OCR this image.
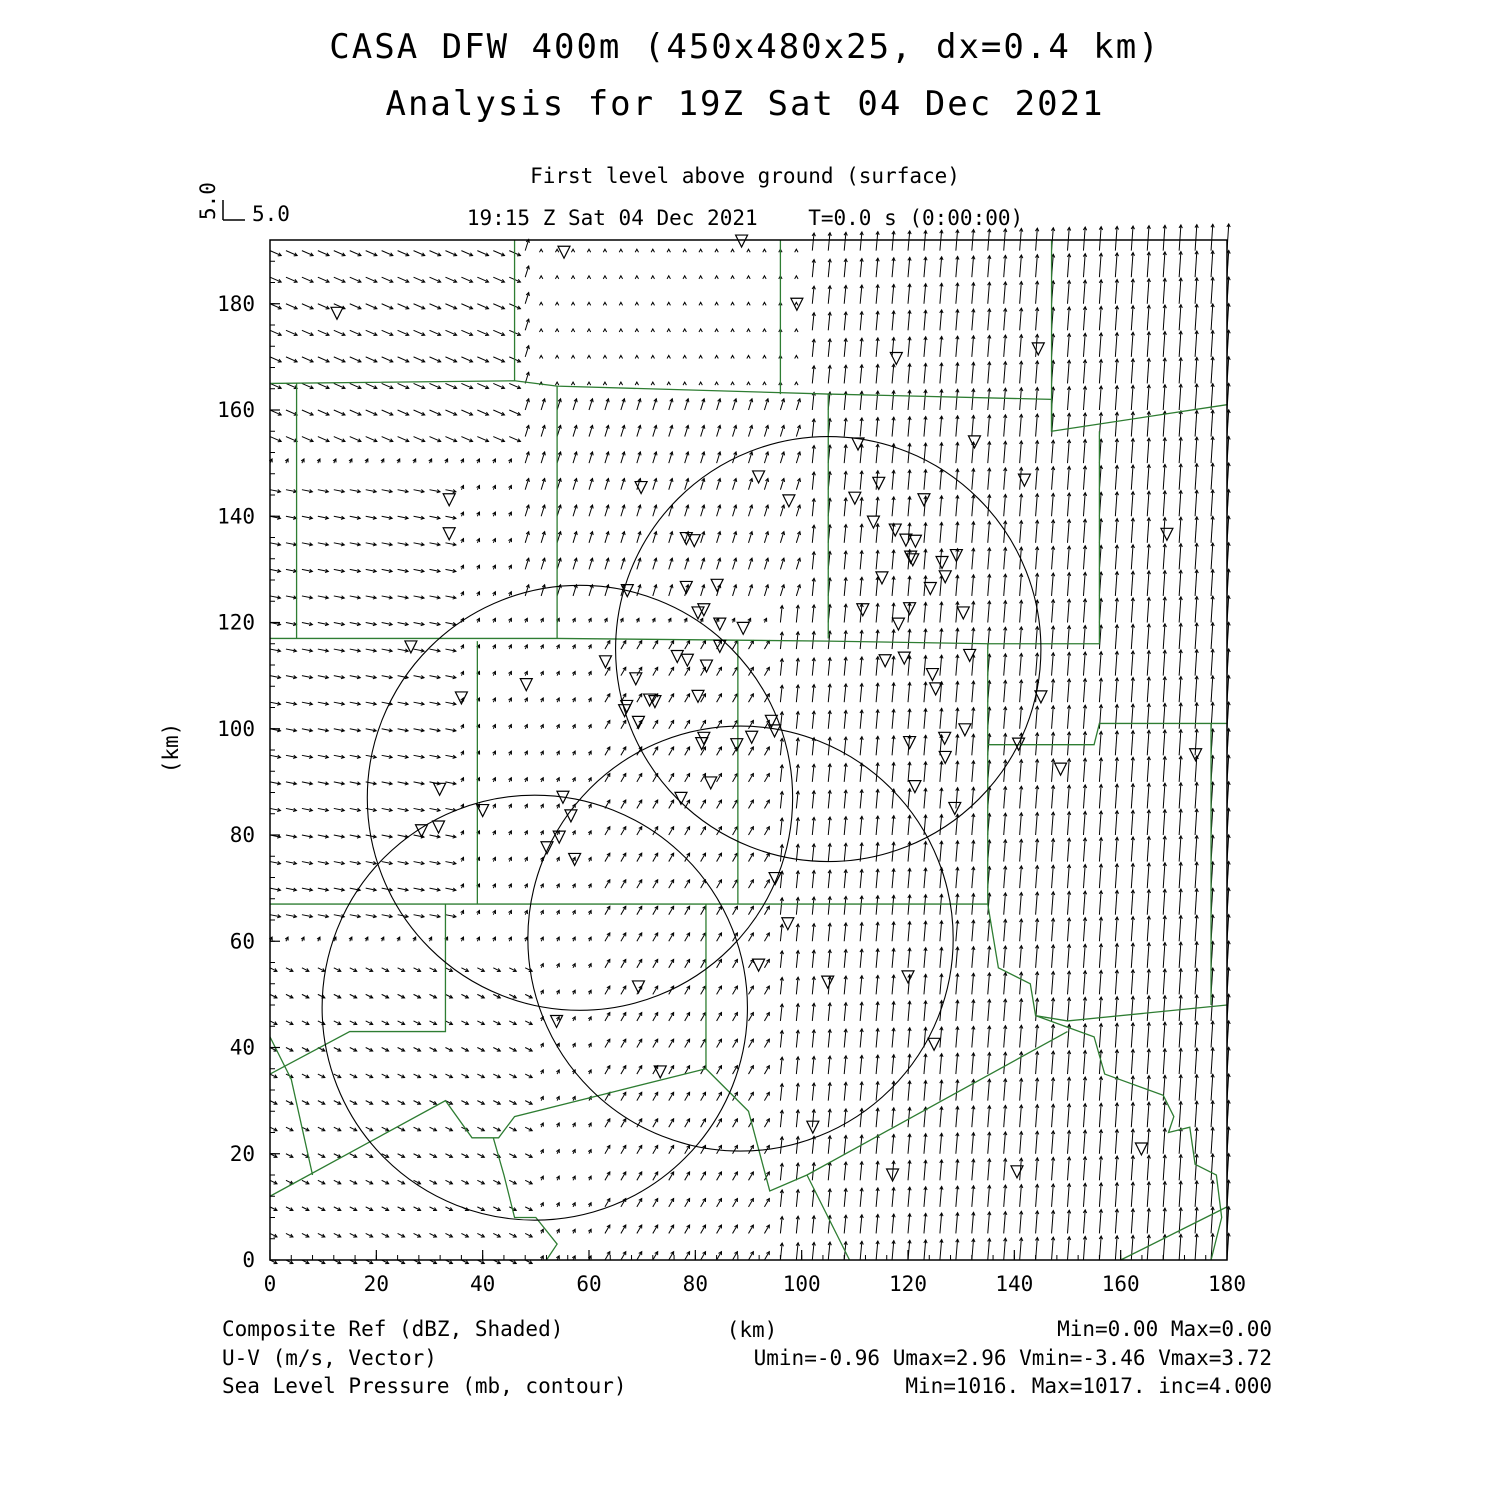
CASA DFW 400m (450x480x25, dx=0.4 km)
Analysis for 19Z Sat 04 Dec 2021
First level above ground (surface)
19:15 Z Sat 04 Dec 2021    T=0.0 s (0:00:00)
5.0
5.0
0	20	40	60	80	100	120	140	160	180
0
20
40
60
80
100
120
140
160
180
(km)
(km)
Composite Ref (dBZ, Shaded)
U-V (m/s, Vector)
Sea Level Pressure (mb, contour)
Min=0.00 Max=0.00
Umin=-0.96 Umax=2.96 Vmin=-3.46 Vmax=3.72
Min=1016. Max=1017. inc=4.000
